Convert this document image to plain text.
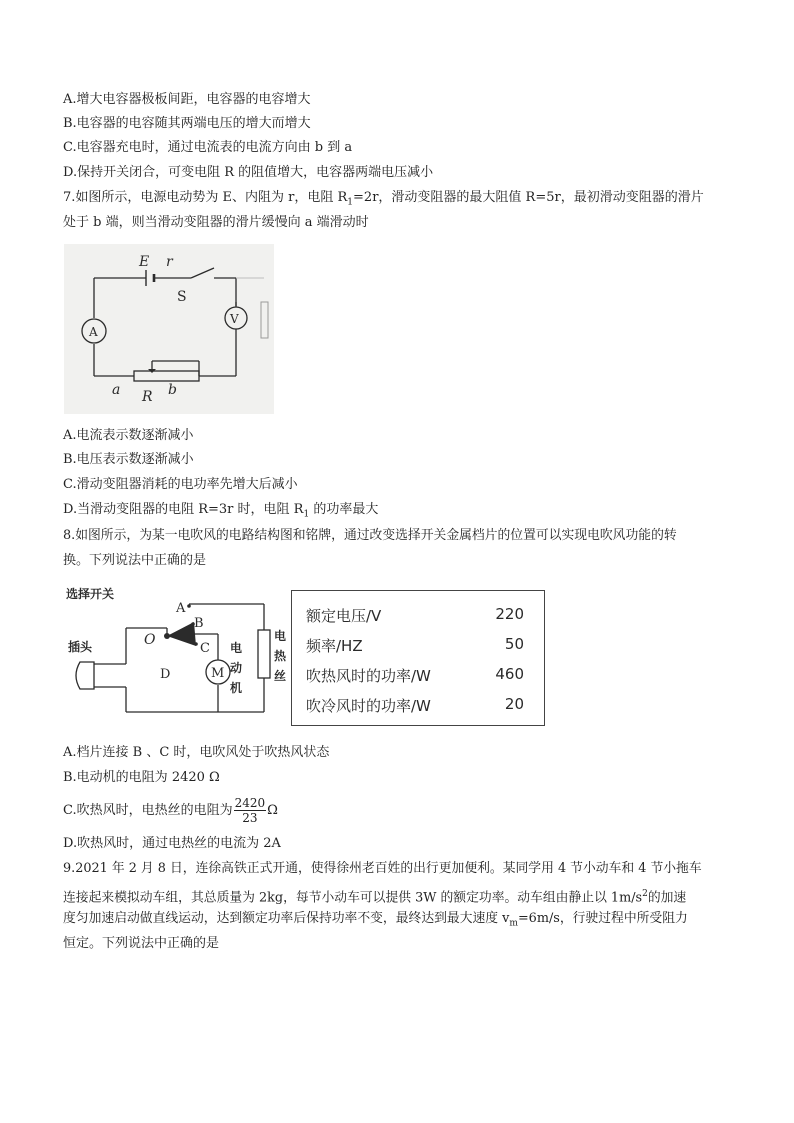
A.增大电容器极板间距，电容器的电容增大
B.电容器的电容随其两端电压的增大而增大
C.电容器充电时，通过电流表的电流方向由 b 到 a
D.保持开关闭合，可变电阻 R 的阻值增大，电容器两端电压减小
7.如图所示，电源电动势为 E、内阻为 r，电阻 $R_1=2r$，滑动变阻器的最大阻值 R=5r，最初滑动变阻器的滑片
处于 b 端，则当滑动变阻器的滑片缓慢向 a 端滑动时
E r
S
V
A
a R b
A.电流表示数逐渐减小
B.电压表示数逐渐减小
C.滑动变阻器消耗的电功率先增大后减小
D.当滑动变阻器的电阻 R=3r 时，电阻 $R_1$ 的功率最大
8.如图所示，为某一电吹风的电路结构图和铭牌，通过改变选择开关金属档片的位置可以实现电吹风功能的转
换。下列说法中正确的是
选择开关
插头
A
B
C
D
O
M
电
动
机
电
热
丝
额定电压/V	220
频率/HZ	50
吹热风时的功率/W	460
吹冷风时的功率/W	20
A.档片连接 B 、C 时，电吹风处于吹热风状态
B.电动机的电阻为 2420 Ω
C.吹热风时，电热丝的电阻为 $\frac{2420}{23}$ Ω
D.吹热风时，通过电热丝的电流为 2A
9.2021 年 2 月 8 日，连徐高铁正式开通，使得徐州老百姓的出行更加便利。某同学用 4 节小动车和 4 节小拖车
连接起来模拟动车组，其总质量为 2kg，每节小动车可以提供 3W 的额定功率。动车组由静止以 $1m/s^2$的加速
度匀加速启动做直线运动，达到额定功率后保持功率不变，最终达到最大速度 $v_m=6m/s$，行驶过程中所受阻力
恒定。下列说法中正确的是
